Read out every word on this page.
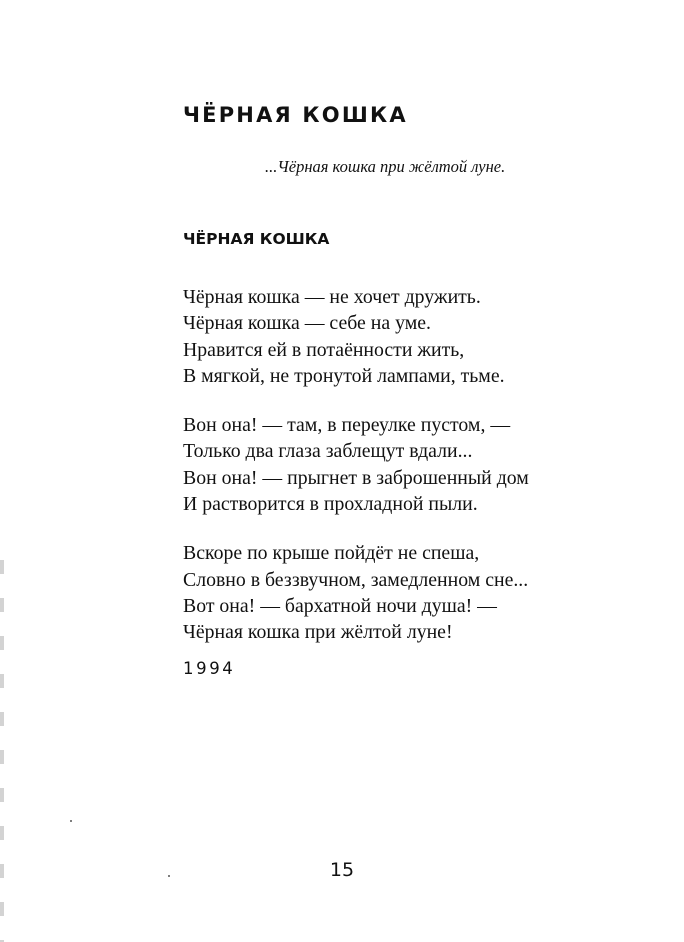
ЧЁРНАЯ КОШКА
...Чёрная кошка при жёлтой луне.
ЧЁРНАЯ КОШКА
Чёрная кошка — не хочет дружить.
Чёрная кошка — себе на уме.
Нравится ей в потаённости жить,
В мягкой, не тронутой лампами, тьме.
Вон она! — там, в переулке пустом, —
Только два глаза заблещут вдали...
Вон она! — прыгнет в заброшенный дом
И растворится в прохладной пыли.
Вскоре по крыше пойдёт не спеша,
Словно в беззвучном, замедленном сне...
Вот она! — бархатной ночи душа! —
Чёрная кошка при жёлтой луне!
1994
15
